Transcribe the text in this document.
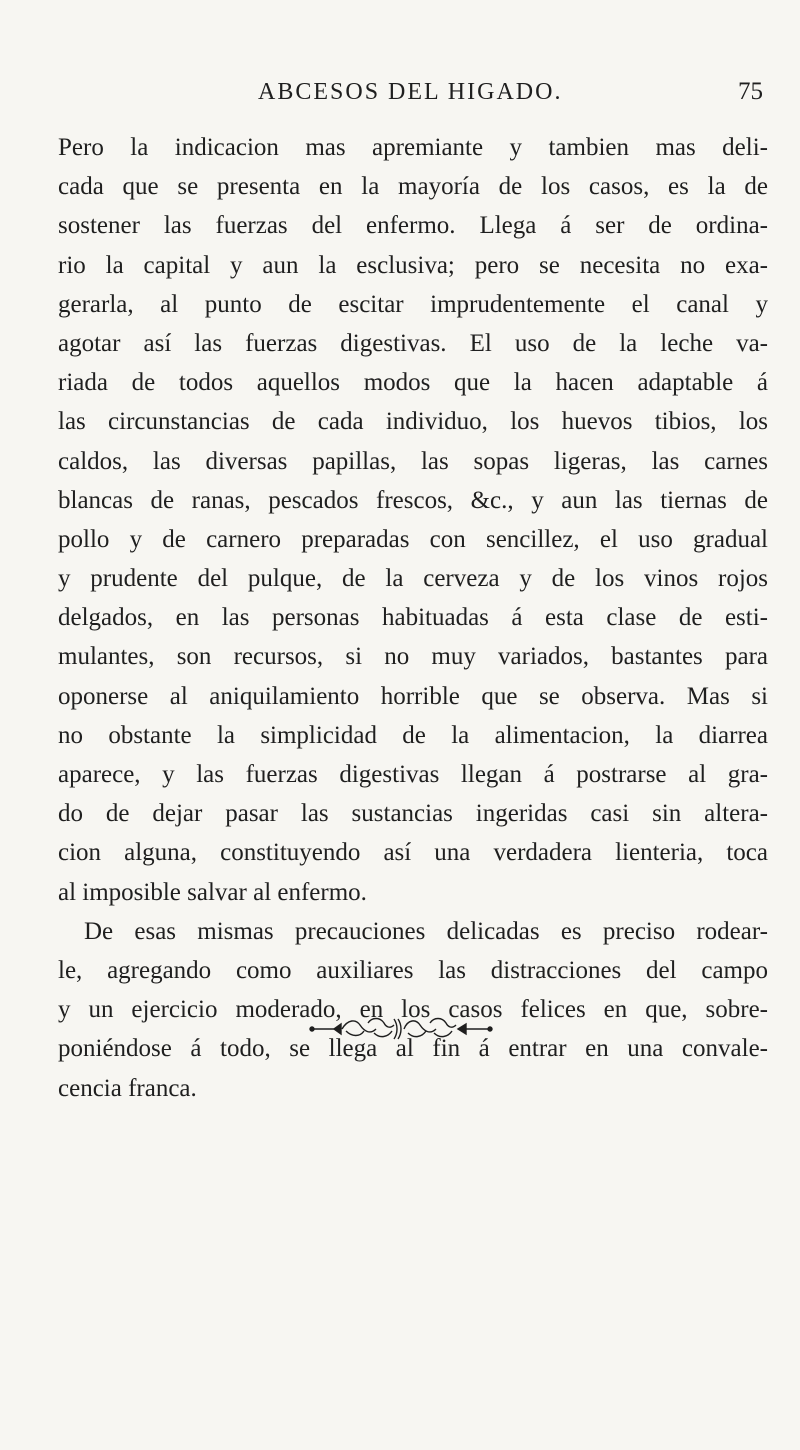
ABCESOS DEL HIGADO.	75
Pero la indicacion mas apremiante y tambien mas deli-
cada que se presenta en la mayoría de los casos, es la de
sostener las fuerzas del enfermo. Llega á ser de ordina-
rio la capital y aun la esclusiva; pero se necesita no exa-
gerarla, al punto de escitar imprudentemente el canal y
agotar así las fuerzas digestivas. El uso de la leche va-
riada de todos aquellos modos que la hacen adaptable á
las circunstancias de cada individuo, los huevos tibios, los
caldos, las diversas papillas, las sopas ligeras, las carnes
blancas de ranas, pescados frescos, &c., y aun las tiernas de
pollo y de carnero preparadas con sencillez, el uso gradual
y prudente del pulque, de la cerveza y de los vinos rojos
delgados, en las personas habituadas á esta clase de esti-
mulantes, son recursos, si no muy variados, bastantes para
oponerse al aniquilamiento horrible que se observa. Mas si
no obstante la simplicidad de la alimentacion, la diarrea
aparece, y las fuerzas digestivas llegan á postrarse al gra-
do de dejar pasar las sustancias ingeridas casi sin altera-
cion alguna, constituyendo así una verdadera lienteria, toca
al imposible salvar al enfermo.
De esas mismas precauciones delicadas es preciso rodear-
le, agregando como auxiliares las distracciones del campo
y un ejercicio moderado, en los casos felices en que, sobre-
poniéndose á todo, se llega al fin á entrar en una convale-
cencia franca.
